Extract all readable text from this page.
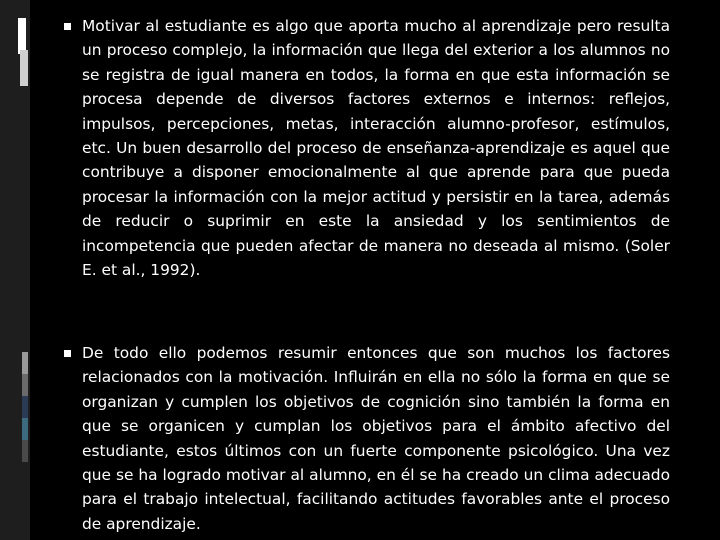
Motivar al estudiante es algo que aporta mucho al aprendizaje pero resulta un proceso complejo, la información que llega del exterior a los alumnos no se registra de igual manera en todos, la forma en que esta información se procesa depende de diversos factores externos e internos: reflejos, impulsos, percepciones, metas, interacción alumno-profesor, estímulos, etc. Un buen desarrollo del proceso de enseñanza-aprendizaje es aquel que contribuye a disponer emocionalmente al que aprende para que pueda procesar la información con la mejor actitud y persistir en la tarea, además de reducir o suprimir en este la ansiedad y los sentimientos de incompetencia que pueden afectar de manera no deseada al mismo. (Soler E. et al., 1992).
De todo ello podemos resumir entonces que son muchos los factores relacionados con la motivación. Influirán en ella no sólo la forma en que se organizan y cumplen los objetivos de cognición sino también la forma en que se organicen y cumplan los objetivos para el ámbito afectivo del estudiante, estos últimos con un fuerte componente psicológico. Una vez que se ha logrado motivar al alumno, en él se ha creado un clima adecuado para el trabajo intelectual, facilitando actitudes favorables ante el proceso de aprendizaje.
